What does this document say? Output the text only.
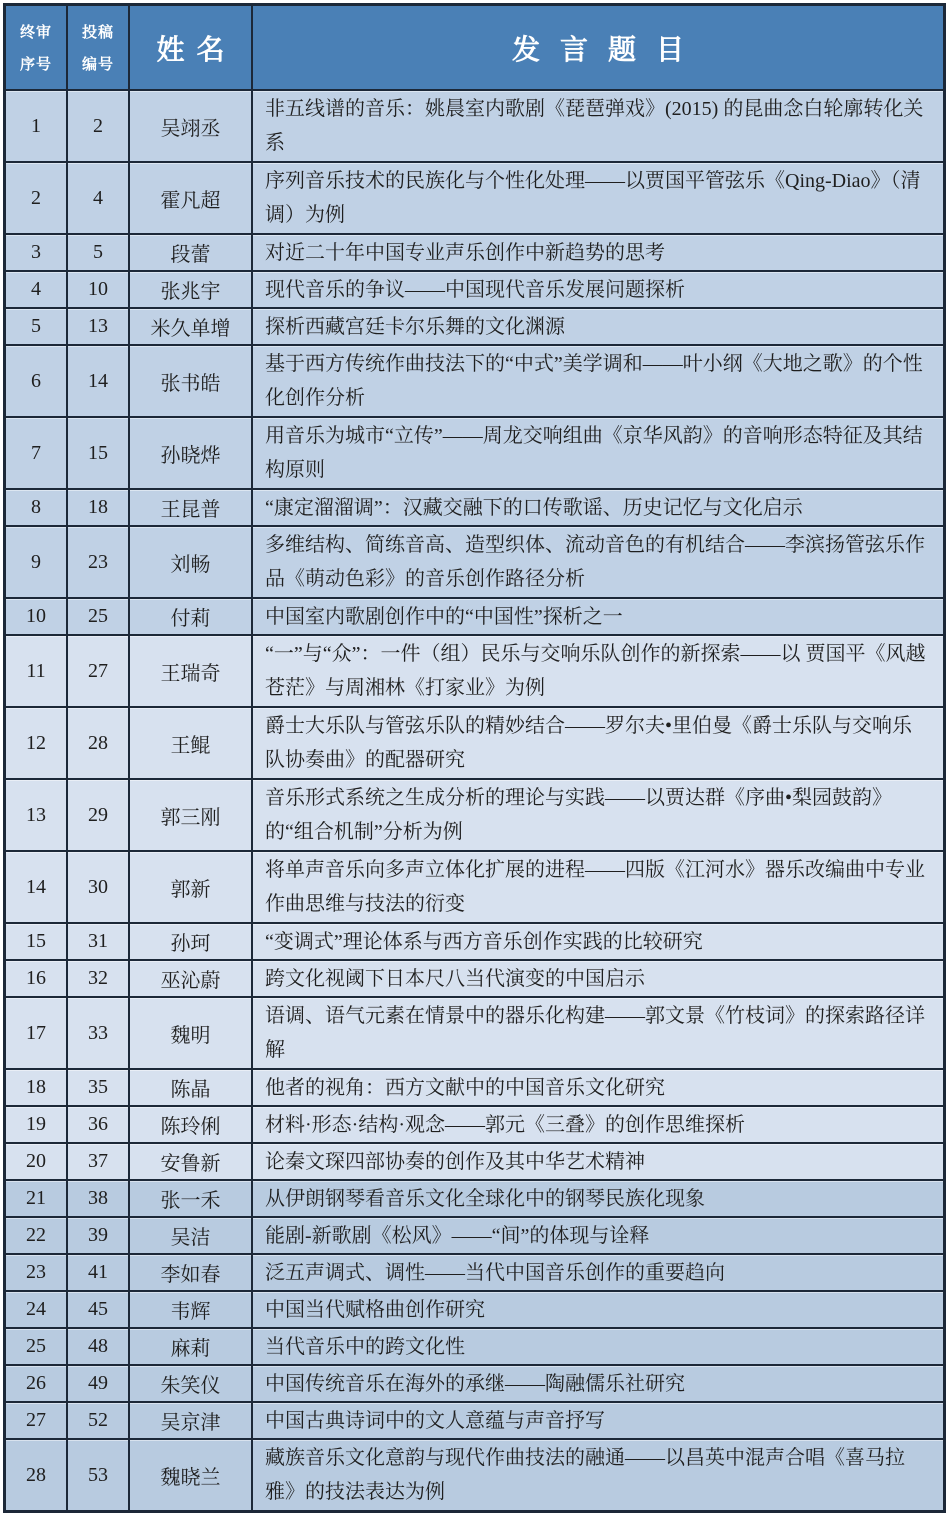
终审
序号
投稿
编号	姓名	发言题目
1	2	吴翊丞
非五线谱的音乐：姚晨室内歌剧《琵琶弹戏》(2015) 的昆曲念白轮廓转化关系
2	4	霍凡超
序列音乐技术的民族化与个性化处理——以贾国平管弦乐《Qing-Diao》（清调）为例
3	5	段蕾	对近二十年中国专业声乐创作中新趋势的思考
4	10	张兆宇	现代音乐的争议——中国现代音乐发展问题探析
5	13	米久单增	探析西藏宫廷卡尔乐舞的文化渊源
6	14	张书皓
基于西方传统作曲技法下的“中式”美学调和——叶小纲《大地之歌》的个性化创作分析
7	15	孙晓烨
用音乐为城市“立传”——周龙交响组曲《京华风韵》的音响形态特征及其结构原则
8	18	王昆普	“康定溜溜调”：汉藏交融下的口传歌谣、历史记忆与文化启示
9	23	刘畅
多维结构、简练音高、造型织体、流动音色的有机结合——李滨扬管弦乐作品《萌动色彩》的音乐创作路径分析
10	25	付莉	中国室内歌剧创作中的“中国性”探析之一
11	27	王瑞奇
“一”与“众”：一件（组）民乐与交响乐队创作的新探索——以 贾国平《风越苍茫》与周湘林《打家业》为例
12	28	王鲲
爵士大乐队与管弦乐队的精妙结合——罗尔夫•里伯曼《爵士乐队与交响乐队协奏曲》的配器研究
13	29	郭三刚
音乐形式系统之生成分析的理论与实践——以贾达群《序曲•梨园鼓韵》的“组合机制”分析为例
14	30	郭新
将单声音乐向多声立体化扩展的进程——四版《江河水》器乐改编曲中专业作曲思维与技法的衍变
15	31	孙珂	“变调式”理论体系与西方音乐创作实践的比较研究
16	32	巫沁蔚	跨文化视阈下日本尺八当代演变的中国启示
17	33	魏明
语调、语气元素在情景中的器乐化构建——郭文景《竹枝词》的探索路径详解
18	35	陈晶	他者的视角：西方文献中的中国音乐文化研究
19	36	陈玲俐	材料·形态·结构·观念——郭元《三叠》的创作思维探析
20	37	安鲁新	论秦文琛四部协奏的创作及其中华艺术精神
21	38	张一禾	从伊朗钢琴看音乐文化全球化中的钢琴民族化现象
22	39	吴洁	能剧-新歌剧《松风》——“间”的体现与诠释
23	41	李如春	泛五声调式、调性——当代中国音乐创作的重要趋向
24	45	韦辉	中国当代赋格曲创作研究
25	48	麻莉	当代音乐中的跨文化性
26	49	朱笑仪	中国传统音乐在海外的承继——陶融儒乐社研究
27	52	吴京津	中国古典诗词中的文人意蕴与声音抒写
28	53	魏晓兰
藏族音乐文化意韵与现代作曲技法的融通——以昌英中混声合唱《喜马拉雅》的技法表达为例
